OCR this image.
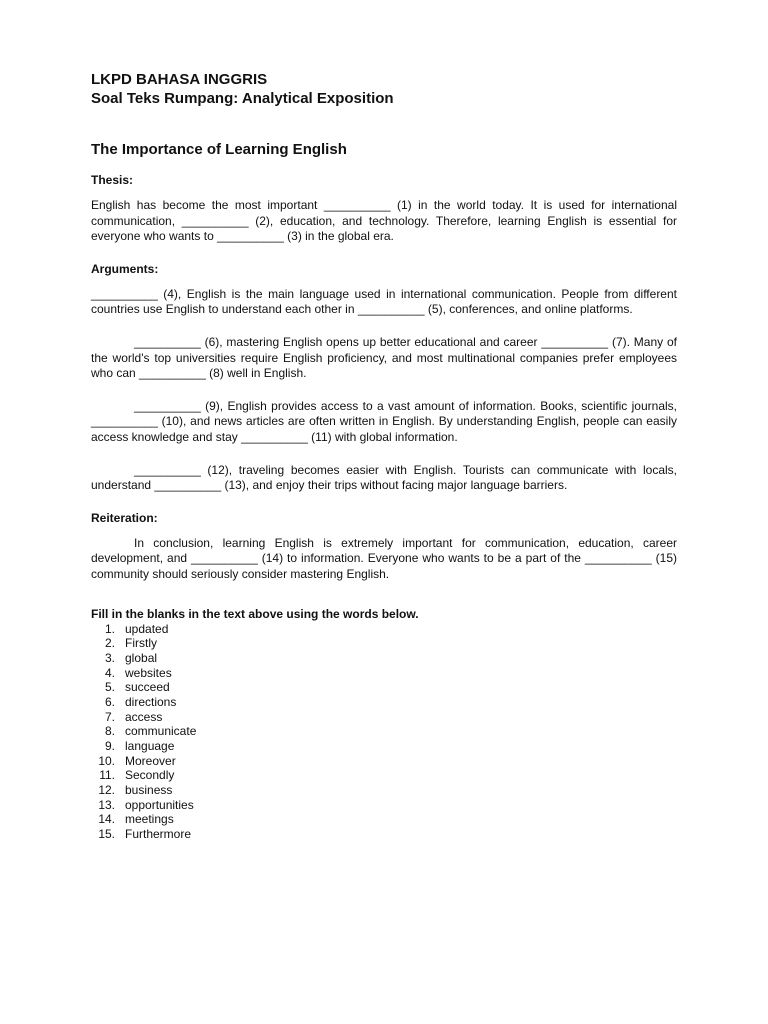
LKPD BAHASA INGGRIS

Soal Teks Rumpang: Analytical Exposition

The Importance of Learning English

Thesis:

English has become the most important __________ (1) in the world today. It is used for international communication, __________ (2), education, and technology. Therefore, learning English is essential for everyone who wants to __________ (3) in the global era.

Arguments:

__________ (4), English is the main language used in international communication. People from different countries use English to understand each other in __________ (5), conferences, and online platforms.

__________ (6), mastering English opens up better educational and career __________ (7). Many of the world's top universities require English proficiency, and most multinational companies prefer employees who can __________ (8) well in English.

__________ (9), English provides access to a vast amount of information. Books, scientific journals, __________ (10), and news articles are often written in English. By understanding English, people can easily access knowledge and stay __________ (11) with global information.

__________ (12), traveling becomes easier with English. Tourists can communicate with locals, understand __________ (13), and enjoy their trips without facing major language barriers.

Reiteration:

In conclusion, learning English is extremely important for communication, education, career development, and __________ (14) to information. Everyone who wants to be a part of the __________ (15) community should seriously consider mastering English.

Fill in the blanks in the text above using the words below.

1. updated
2. Firstly
3. global
4. websites
5. succeed
6. directions
7. access
8. communicate
9. language
10. Moreover
11. Secondly
12. business
13. opportunities
14. meetings
15. Furthermore
